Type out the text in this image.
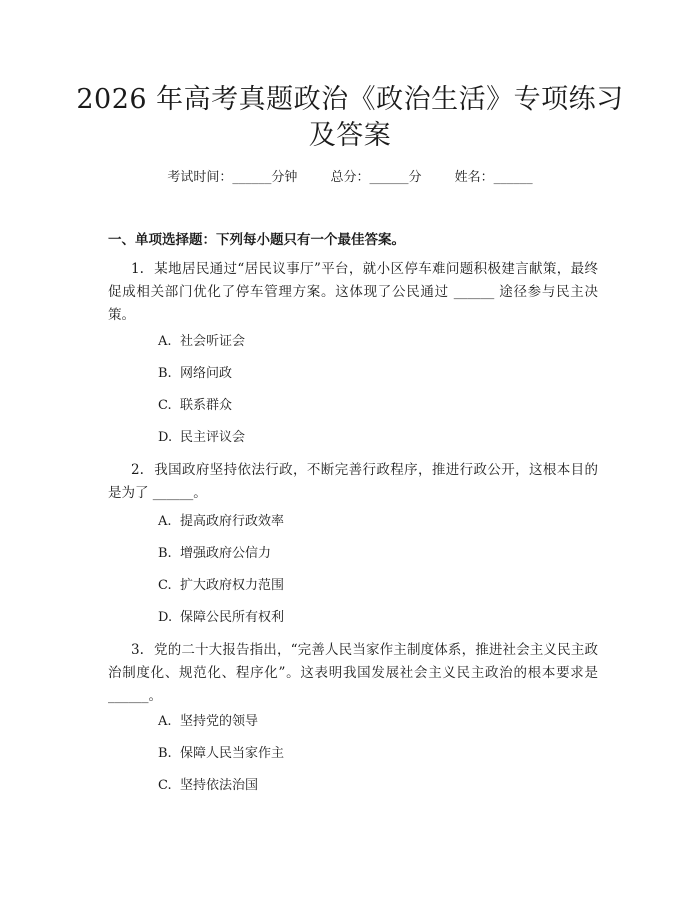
2026 年高考真题政治《政治生活》专项练习
及答案
考试时间：______分钟	总分：______分	姓名：______
一、单项选择题：下列每小题只有一个最佳答案。
1. 某地居民通过“居民议事厅”平台，就小区停车难问题积极建言献策，最终促成相关部门优化了停车管理方案。这体现了公民通过 ______ 途径参与民主决策。
A. 社会听证会
B. 网络问政
C. 联系群众
D. 民主评议会
2. 我国政府坚持依法行政，不断完善行政程序，推进行政公开，这根本目的是为了 ______。
A. 提高政府行政效率
B. 增强政府公信力
C. 扩大政府权力范围
D. 保障公民所有权利
3. 党的二十大报告指出，“完善人民当家作主制度体系，推进社会主义民主政治制度化、规范化、程序化”。这表明我国发展社会主义民主政治的根本要求是 ______。
A. 坚持党的领导
B. 保障人民当家作主
C. 坚持依法治国
